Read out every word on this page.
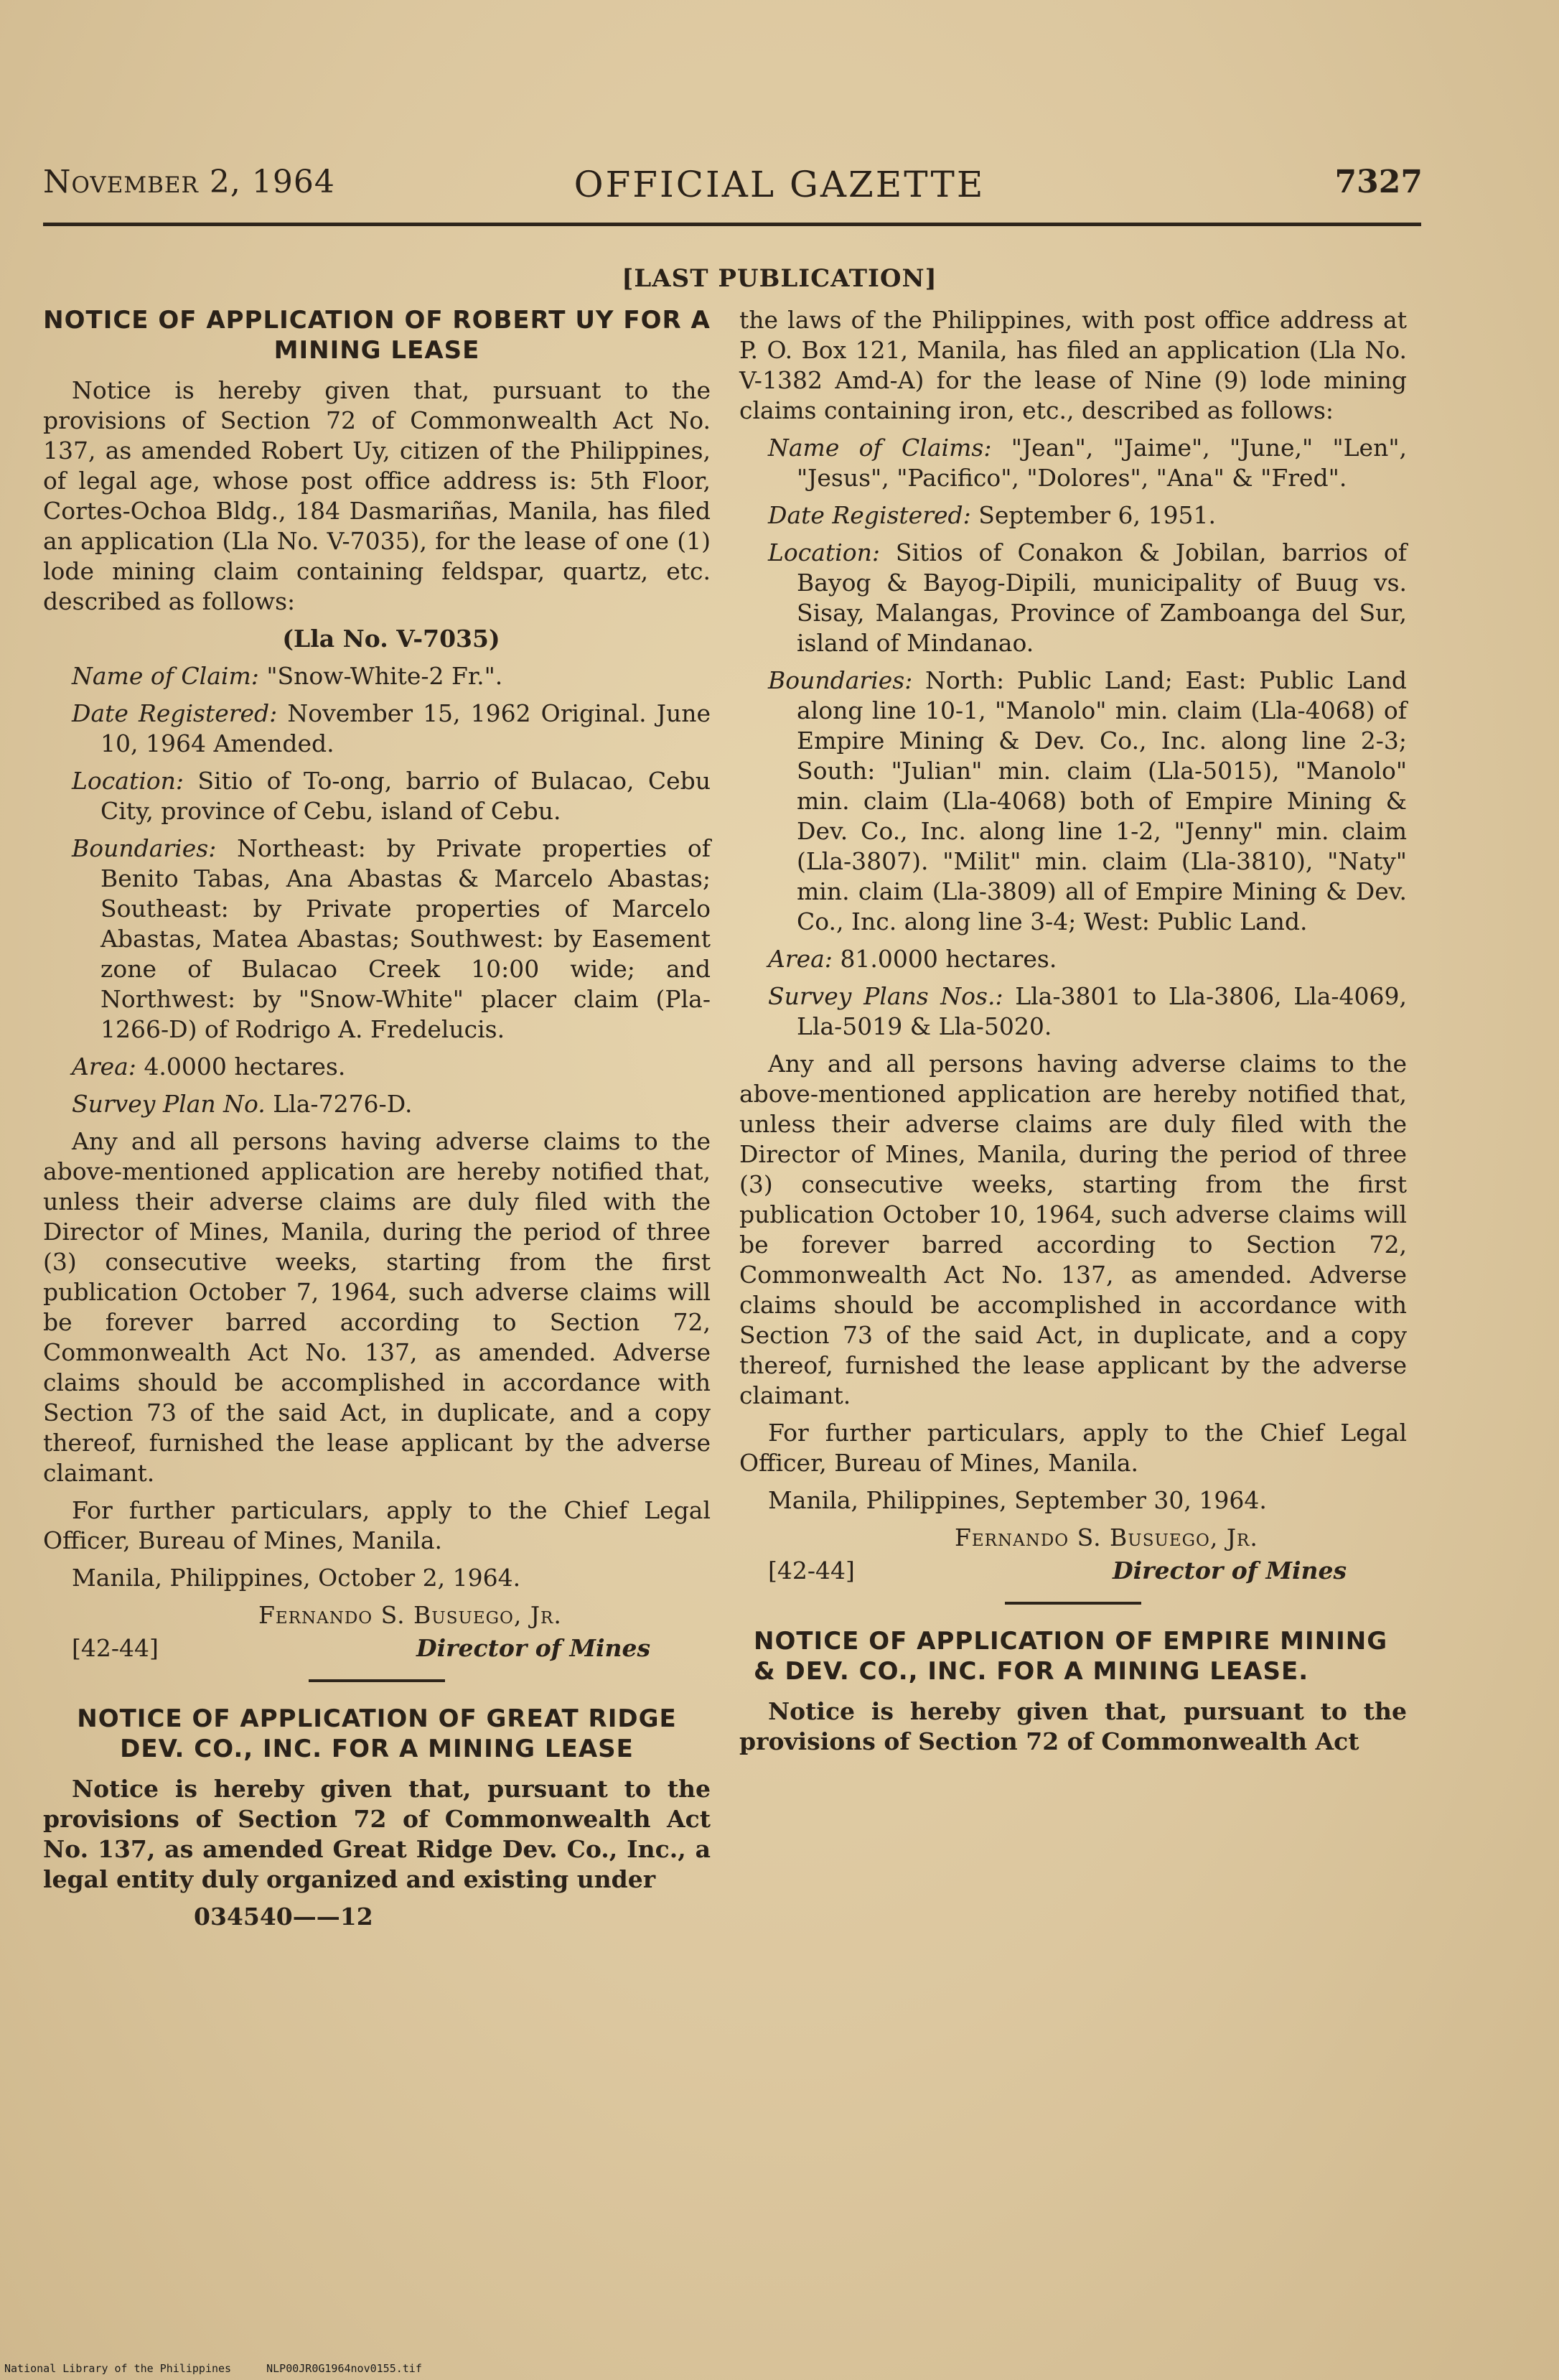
November 2, 1964	OFFICIAL GAZETTE	7327
[LAST PUBLICATION]
NOTICE OF APPLICATION OF ROBERT UY FOR A MINING LEASE

Notice is hereby given that, pursuant to the provisions of Section 72 of Commonwealth Act No. 137, as amended Robert Uy, citizen of the Philippines, of legal age, whose post office address is: 5th Floor, Cortes-Ochoa Bldg., 184 Dasmariñas, Manila, has filed an application (Lla No. V-7035), for the lease of one (1) lode mining claim containing feldspar, quartz, etc. described as follows:

(Lla No. V-7035)

Name of Claim: "Snow-White-2 Fr.".
Date Registered: November 15, 1962 Original. June 10, 1964 Amended.
Location: Sitio of To-ong, barrio of Bulacao, Cebu City, province of Cebu, island of Cebu.
Boundaries: Northeast: by Private properties of Benito Tabas, Ana Abastas & Marcelo Abastas; Southeast: by Private properties of Marcelo Abastas, Matea Abastas; Southwest: by Easement zone of Bulacao Creek 10:00 wide; and Northwest: by "Snow-White" placer claim (Pla-1266-D) of Rodrigo A. Fredelucis.
Area: 4.0000 hectares.
Survey Plan No. Lla-7276-D.

Any and all persons having adverse claims to the above-mentioned application are hereby notified that, unless their adverse claims are duly filed with the Director of Mines, Manila, during the period of three (3) consecutive weeks, starting from the first publication October 7, 1964, such adverse claims will be forever barred according to Section 72, Commonwealth Act No. 137, as amended. Adverse claims should be accomplished in accordance with Section 73 of the said Act, in duplicate, and a copy thereof, furnished the lease applicant by the adverse claimant.

For further particulars, apply to the Chief Legal Officer, Bureau of Mines, Manila.

Manila, Philippines, October 2, 1964.

Fernando S. Busuego, Jr.
[42-44]	Director of Mines
NOTICE OF APPLICATION OF GREAT RIDGE DEV. CO., INC. FOR A MINING LEASE

Notice is hereby given that, pursuant to the provisions of Section 72 of Commonwealth Act No. 137, as amended Great Ridge Dev. Co., Inc., a legal entity duly organized and existing under

034540——12

the laws of the Philippines, with post office address at P. O. Box 121, Manila, has filed an application (Lla No. V-1382 Amd-A) for the lease of Nine (9) lode mining claims containing iron, etc., described as follows:

Name of Claims: "Jean", "Jaime", "June," "Len", "Jesus", "Pacifico", "Dolores", "Ana" & "Fred".
Date Registered: September 6, 1951.
Location: Sitios of Conakon & Jobilan, barrios of Bayog & Bayog-Dipili, municipality of Buug vs. Sisay, Malangas, Province of Zamboanga del Sur, island of Mindanao.
Boundaries: North: Public Land; East: Public Land along line 10-1, "Manolo" min. claim (Lla-4068) of Empire Mining & Dev. Co., Inc. along line 2-3; South: "Julian" min. claim (Lla-5015), "Manolo" min. claim (Lla-4068) both of Empire Mining & Dev. Co., Inc. along line 1-2, "Jenny" min. claim (Lla-3807). "Milit" min. claim (Lla-3810), "Naty" min. claim (Lla-3809) all of Empire Mining & Dev. Co., Inc. along line 3-4; West: Public Land.
Area: 81.0000 hectares.
Survey Plans Nos.: Lla-3801 to Lla-3806, Lla-4069, Lla-5019 & Lla-5020.

Any and all persons having adverse claims to the above-mentioned application are hereby notified that, unless their adverse claims are duly filed with the Director of Mines, Manila, during the period of three (3) consecutive weeks, starting from the first publication October 10, 1964, such adverse claims will be forever barred according to Section 72, Commonwealth Act No. 137, as amended. Adverse claims should be accomplished in accordance with Section 73 of the said Act, in duplicate, and a copy thereof, furnished the lease applicant by the adverse claimant.

For further particulars, apply to the Chief Legal Officer, Bureau of Mines, Manila.

Manila, Philippines, September 30, 1964.

Fernando S. Busuego, Jr.
[42-44]	Director of Mines
NOTICE OF APPLICATION OF EMPIRE MINING & DEV. CO., INC. FOR A MINING LEASE.

Notice is hereby given that, pursuant to the provisions of Section 72 of Commonwealth Act

National Library of the Philippines	NLP00JR0G1964nov0155.tif
